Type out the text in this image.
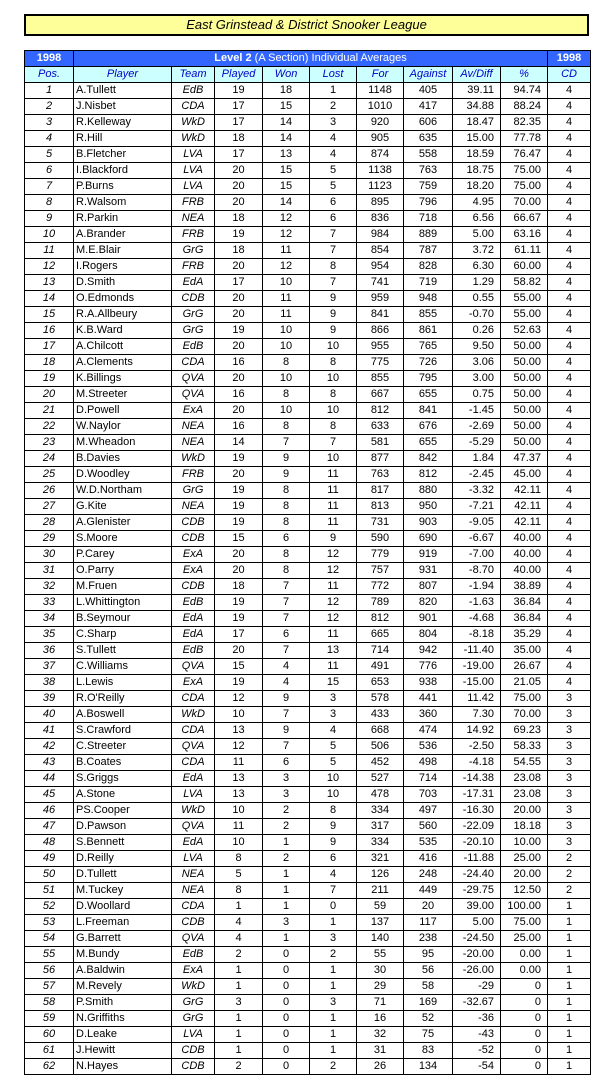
East Grinstead & District Snooker League
1998	Level 2 (A Section) Individual Averages									1998
Pos.	Player	Team	Played	Won	Lost	For	Against	Av/Diff	%	CD
1	A.Tullett	EdB	19	18	1	1148	405	39.11	94.74	4
2	J.Nisbet	CDA	17	15	2	1010	417	34.88	88.24	4
3	R.Kelleway	WkD	17	14	3	920	606	18.47	82.35	4
4	R.Hill	WkD	18	14	4	905	635	15.00	77.78	4
5	B.Fletcher	LVA	17	13	4	874	558	18.59	76.47	4
6	I.Blackford	LVA	20	15	5	1138	763	18.75	75.00	4
7	P.Burns	LVA	20	15	5	1123	759	18.20	75.00	4
8	R.Walsom	FRB	20	14	6	895	796	4.95	70.00	4
9	R.Parkin	NEA	18	12	6	836	718	6.56	66.67	4
10	A.Brander	FRB	19	12	7	984	889	5.00	63.16	4
11	M.E.Blair	GrG	18	11	7	854	787	3.72	61.11	4
12	I.Rogers	FRB	20	12	8	954	828	6.30	60.00	4
13	D.Smith	EdA	17	10	7	741	719	1.29	58.82	4
14	O.Edmonds	CDB	20	11	9	959	948	0.55	55.00	4
15	R.A.Allbeury	GrG	20	11	9	841	855	-0.70	55.00	4
16	K.B.Ward	GrG	19	10	9	866	861	0.26	52.63	4
17	A.Chilcott	EdB	20	10	10	955	765	9.50	50.00	4
18	A.Clements	CDA	16	8	8	775	726	3.06	50.00	4
19	K.Billings	QVA	20	10	10	855	795	3.00	50.00	4
20	M.Streeter	QVA	16	8	8	667	655	0.75	50.00	4
21	D.Powell	ExA	20	10	10	812	841	-1.45	50.00	4
22	W.Naylor	NEA	16	8	8	633	676	-2.69	50.00	4
23	M.Wheadon	NEA	14	7	7	581	655	-5.29	50.00	4
24	B.Davies	WkD	19	9	10	877	842	1.84	47.37	4
25	D.Woodley	FRB	20	9	11	763	812	-2.45	45.00	4
26	W.D.Northam	GrG	19	8	11	817	880	-3.32	42.11	4
27	G.Kite	NEA	19	8	11	813	950	-7.21	42.11	4
28	A.Glenister	CDB	19	8	11	731	903	-9.05	42.11	4
29	S.Moore	CDB	15	6	9	590	690	-6.67	40.00	4
30	P.Carey	ExA	20	8	12	779	919	-7.00	40.00	4
31	O.Parry	ExA	20	8	12	757	931	-8.70	40.00	4
32	M.Fruen	CDB	18	7	11	772	807	-1.94	38.89	4
33	L.Whittington	EdB	19	7	12	789	820	-1.63	36.84	4
34	B.Seymour	EdA	19	7	12	812	901	-4.68	36.84	4
35	C.Sharp	EdA	17	6	11	665	804	-8.18	35.29	4
36	S.Tullett	EdB	20	7	13	714	942	-11.40	35.00	4
37	C.Williams	QVA	15	4	11	491	776	-19.00	26.67	4
38	L.Lewis	ExA	19	4	15	653	938	-15.00	21.05	4
39	R.O'Reilly	CDA	12	9	3	578	441	11.42	75.00	3
40	A.Boswell	WkD	10	7	3	433	360	7.30	70.00	3
41	S.Crawford	CDA	13	9	4	668	474	14.92	69.23	3
42	C.Streeter	QVA	12	7	5	506	536	-2.50	58.33	3
43	B.Coates	CDA	11	6	5	452	498	-4.18	54.55	3
44	S.Griggs	EdA	13	3	10	527	714	-14.38	23.08	3
45	A.Stone	LVA	13	3	10	478	703	-17.31	23.08	3
46	PS.Cooper	WkD	10	2	8	334	497	-16.30	20.00	3
47	D.Pawson	QVA	11	2	9	317	560	-22.09	18.18	3
48	S.Bennett	EdA	10	1	9	334	535	-20.10	10.00	3
49	D.Reilly	LVA	8	2	6	321	416	-11.88	25.00	2
50	D.Tullett	NEA	5	1	4	126	248	-24.40	20.00	2
51	M.Tuckey	NEA	8	1	7	211	449	-29.75	12.50	2
52	D.Woollard	CDA	1	1	0	59	20	39.00	100.00	1
53	L.Freeman	CDB	4	3	1	137	117	5.00	75.00	1
54	G.Barrett	QVA	4	1	3	140	238	-24.50	25.00	1
55	M.Bundy	EdB	2	0	2	55	95	-20.00	0.00	1
56	A.Baldwin	ExA	1	0	1	30	56	-26.00	0.00	1
57	M.Revely	WkD	1	0	1	29	58	-29	0	1
58	P.Smith	GrG	3	0	3	71	169	-32.67	0	1
59	N.Griffiths	GrG	1	0	1	16	52	-36	0	1
60	D.Leake	LVA	1	0	1	32	75	-43	0	1
61	J.Hewitt	CDB	1	0	1	31	83	-52	0	1
62	N.Hayes	CDB	2	0	2	26	134	-54	0	1
